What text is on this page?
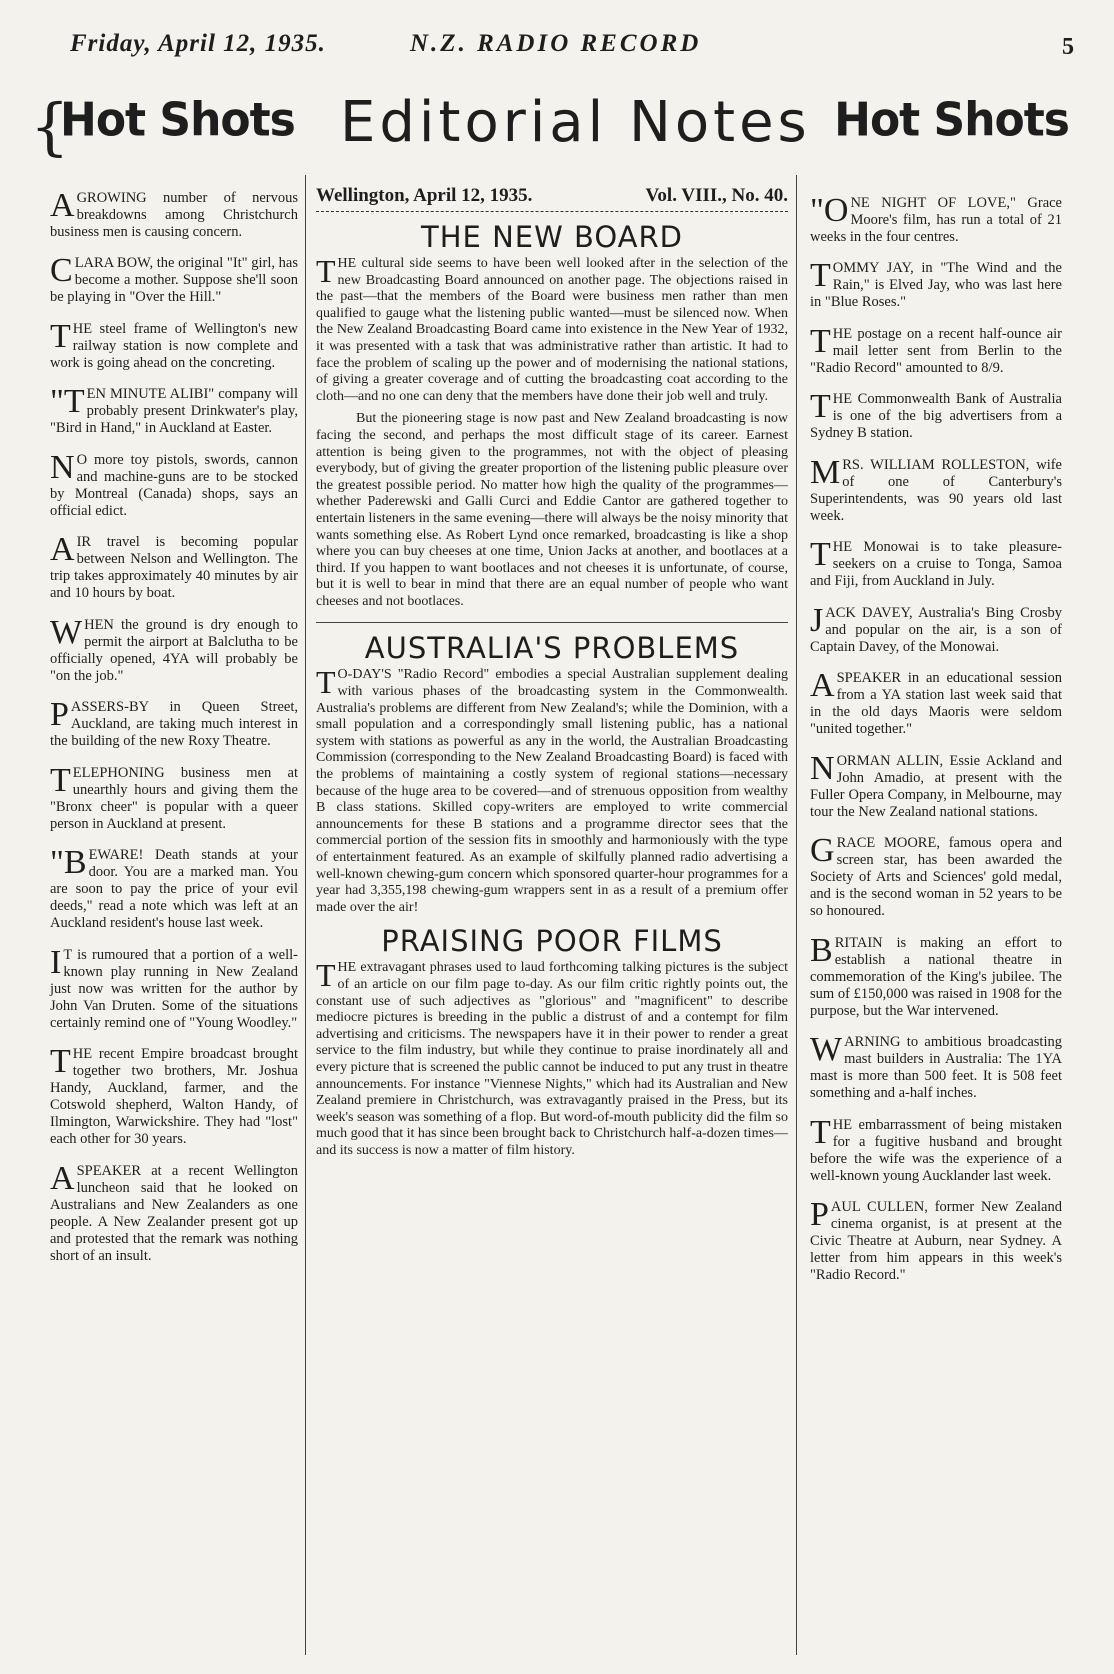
Friday, April 12, 1935.	N.Z. RADIO RECORD	5
{
Hot Shots Editorial Notes Hot Shots

AGROWING number of nervous breakdowns among Christchurch business men is causing concern.

CLARA BOW, the original "It" girl, has become a mother. Suppose she'll soon be playing in "Over the Hill."

THE steel frame of Wellington's new railway station is now complete and work is going ahead on the concreting.

"TEN MINUTE ALIBI" company will probably present Drinkwater's play, "Bird in Hand," in Auckland at Easter.

NO more toy pistols, swords, cannon and machine-guns are to be stocked by Montreal (Canada) shops, says an official edict.

AIR travel is becoming popular between Nelson and Wellington. The trip takes approximately 40 minutes by air and 10 hours by boat.

WHEN the ground is dry enough to permit the airport at Balclutha to be officially opened, 4YA will probably be "on the job."

PASSERS-BY in Queen Street, Auckland, are taking much interest in the building of the new Roxy Theatre.

TELEPHONING business men at unearthly hours and giving them the "Bronx cheer" is popular with a queer person in Auckland at present.

"BEWARE! Death stands at your door. You are a marked man. You are soon to pay the price of your evil deeds," read a note which was left at an Auckland resident's house last week.

IT is rumoured that a portion of a well-known play running in New Zealand just now was written for the author by John Van Druten. Some of the situations certainly remind one of "Young Woodley."

THE recent Empire broadcast brought together two brothers, Mr. Joshua Handy, Auckland, farmer, and the Cotswold shepherd, Walton Handy, of Ilmington, Warwickshire. They had "lost" each other for 30 years.

ASPEAKER at a recent Wellington luncheon said that he looked on Australians and New Zealanders as one people. A New Zealander present got up and protested that the remark was nothing short of an insult.

Wellington, April 12, 1935.	Vol. VIII., No. 40.
THE NEW BOARD

THE cultural side seems to have been well looked after in the selection of the new Broadcasting Board announced on another page. The objections raised in the past—that the members of the Board were business men rather than men qualified to gauge what the listening public wanted—must be silenced now. When the New Zealand Broadcasting Board came into existence in the New Year of 1932, it was presented with a task that was administrative rather than artistic. It had to face the problem of scaling up the power and of modernising the national stations, of giving a greater coverage and of cutting the broadcasting coat according to the cloth—and no one can deny that the members have done their job well and truly.

But the pioneering stage is now past and New Zealand broadcasting is now facing the second, and perhaps the most difficult stage of its career. Earnest attention is being given to the programmes, not with the object of pleasing everybody, but of giving the greater proportion of the listening public pleasure over the greatest possible period. No matter how high the quality of the programmes—whether Paderewski and Galli Curci and Eddie Cantor are gathered together to entertain listeners in the same evening—there will always be the noisy minority that wants something else. As Robert Lynd once remarked, broadcasting is like a shop where you can buy cheeses at one time, Union Jacks at another, and bootlaces at a third. If you happen to want bootlaces and not cheeses it is unfortunate, of course, but it is well to bear in mind that there are an equal number of people who want cheeses and not bootlaces.

AUSTRALIA'S PROBLEMS

TO-DAY'S "Radio Record" embodies a special Australian supplement dealing with various phases of the broadcasting system in the Commonwealth. Australia's problems are different from New Zealand's; while the Dominion, with a small population and a correspondingly small listening public, has a national system with stations as powerful as any in the world, the Australian Broadcasting Commission (corresponding to the New Zealand Broadcasting Board) is faced with the problems of maintaining a costly system of regional stations—necessary because of the huge area to be covered—and of strenuous opposition from wealthy B class stations. Skilled copy-writers are employed to write commercial announcements for these B stations and a programme director sees that the commercial portion of the session fits in smoothly and harmoniously with the type of entertainment featured. As an example of skilfully planned radio advertising a well-known chewing-gum concern which sponsored quarter-hour programmes for a year had 3,355,198 chewing-gum wrappers sent in as a result of a premium offer made over the air!

PRAISING POOR FILMS

THE extravagant phrases used to laud forthcoming talking pictures is the subject of an article on our film page to-day. As our film critic rightly points out, the constant use of such adjectives as "glorious" and "magnificent" to describe mediocre pictures is breeding in the public a distrust of and a contempt for film advertising and criticisms. The newspapers have it in their power to render a great service to the film industry, but while they continue to praise inordinately all and every picture that is screened the public cannot be induced to put any trust in theatre announcements. For instance "Viennese Nights," which had its Australian and New Zealand premiere in Christchurch, was extravagantly praised in the Press, but its week's season was something of a flop. But word-of-mouth publicity did the film so much good that it has since been brought back to Christchurch half-a-dozen times—and its success is now a matter of film history.

"ONE NIGHT OF LOVE," Grace Moore's film, has run a total of 21 weeks in the four centres.

TOMMY JAY, in "The Wind and the Rain," is Elved Jay, who was last here in "Blue Roses."

THE postage on a recent half-ounce air mail letter sent from Berlin to the "Radio Record" amounted to 8/9.

THE Commonwealth Bank of Australia is one of the big advertisers from a Sydney B station.

MRS. WILLIAM ROLLESTON, wife of one of Canterbury's Superintendents, was 90 years old last week.

THE Monowai is to take pleasure-seekers on a cruise to Tonga, Samoa and Fiji, from Auckland in July.

JACK DAVEY, Australia's Bing Crosby and popular on the air, is a son of Captain Davey, of the Monowai.

ASPEAKER in an educational session from a YA station last week said that in the old days Maoris were seldom "united together."

NORMAN ALLIN, Essie Ackland and John Amadio, at present with the Fuller Opera Company, in Melbourne, may tour the New Zealand national stations.

GRACE MOORE, famous opera and screen star, has been awarded the Society of Arts and Sciences' gold medal, and is the second woman in 52 years to be so honoured.

BRITAIN is making an effort to establish a national theatre in commemoration of the King's jubilee. The sum of £150,000 was raised in 1908 for the purpose, but the War intervened.

WARNING to ambitious broadcasting mast builders in Australia: The 1YA mast is more than 500 feet. It is 508 feet something and a-half inches.

THE embarrassment of being mistaken for a fugitive husband and brought before the wife was the experience of a well-known young Aucklander last week.

PAUL CULLEN, former New Zealand cinema organist, is at present at the Civic Theatre at Auburn, near Sydney. A letter from him appears in this week's "Radio Record."
